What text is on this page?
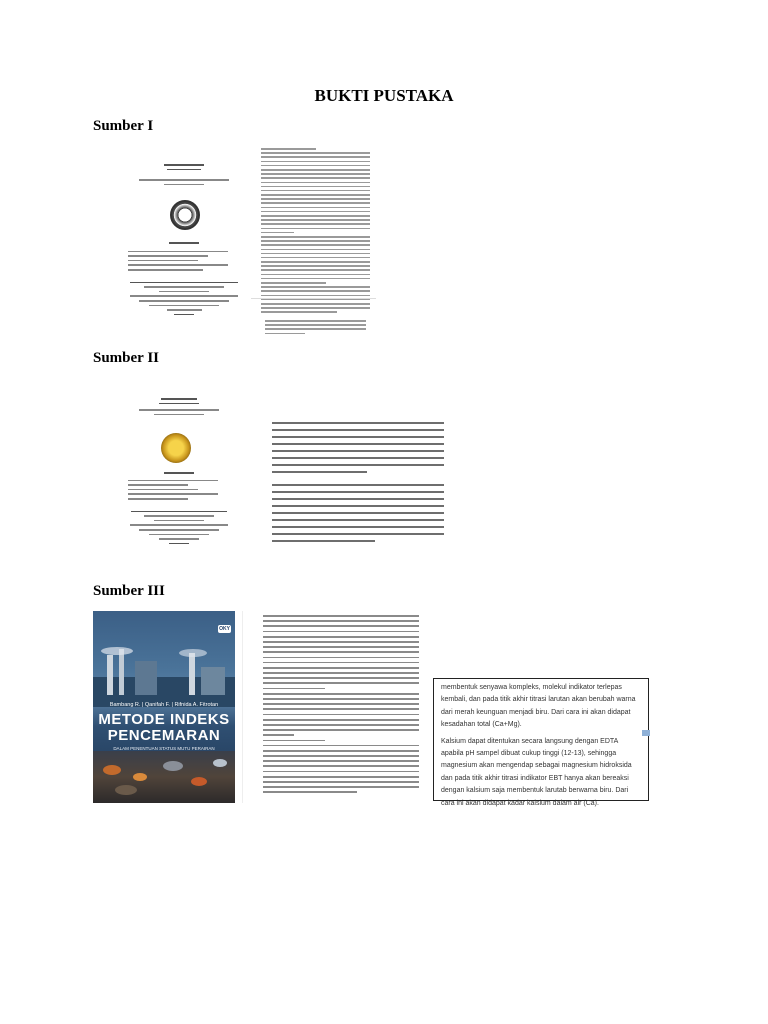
BUKTI PUSTAKA
Sumber I
Sumber II
Sumber III
OKY
Bambang R. | Qanifah F. | Rifnida A. Fitrotan
METODE INDEKS
PENCEMARAN
DALAM PENENTUAN STATUS MUTU PERAIRAN

membentuk senyawa kompleks, molekul indikator terlepas kembali, dan pada titik akhir titrasi larutan akan berubah warna dari merah keunguan menjadi biru. Dari cara ini akan didapat kesadahan total (Ca+Mg).

Kalsium dapat ditentukan secara langsung dengan EDTA apabila pH sampel dibuat cukup tinggi (12-13), sehingga magnesium akan mengendap sebagai magnesium hidroksida dan pada titik akhir titrasi indikator EBT hanya akan bereaksi dengan kalsium saja membentuk larutab berwarna biru. Dari cara ini akan didapat kadar kalsium dalam air (Ca).
